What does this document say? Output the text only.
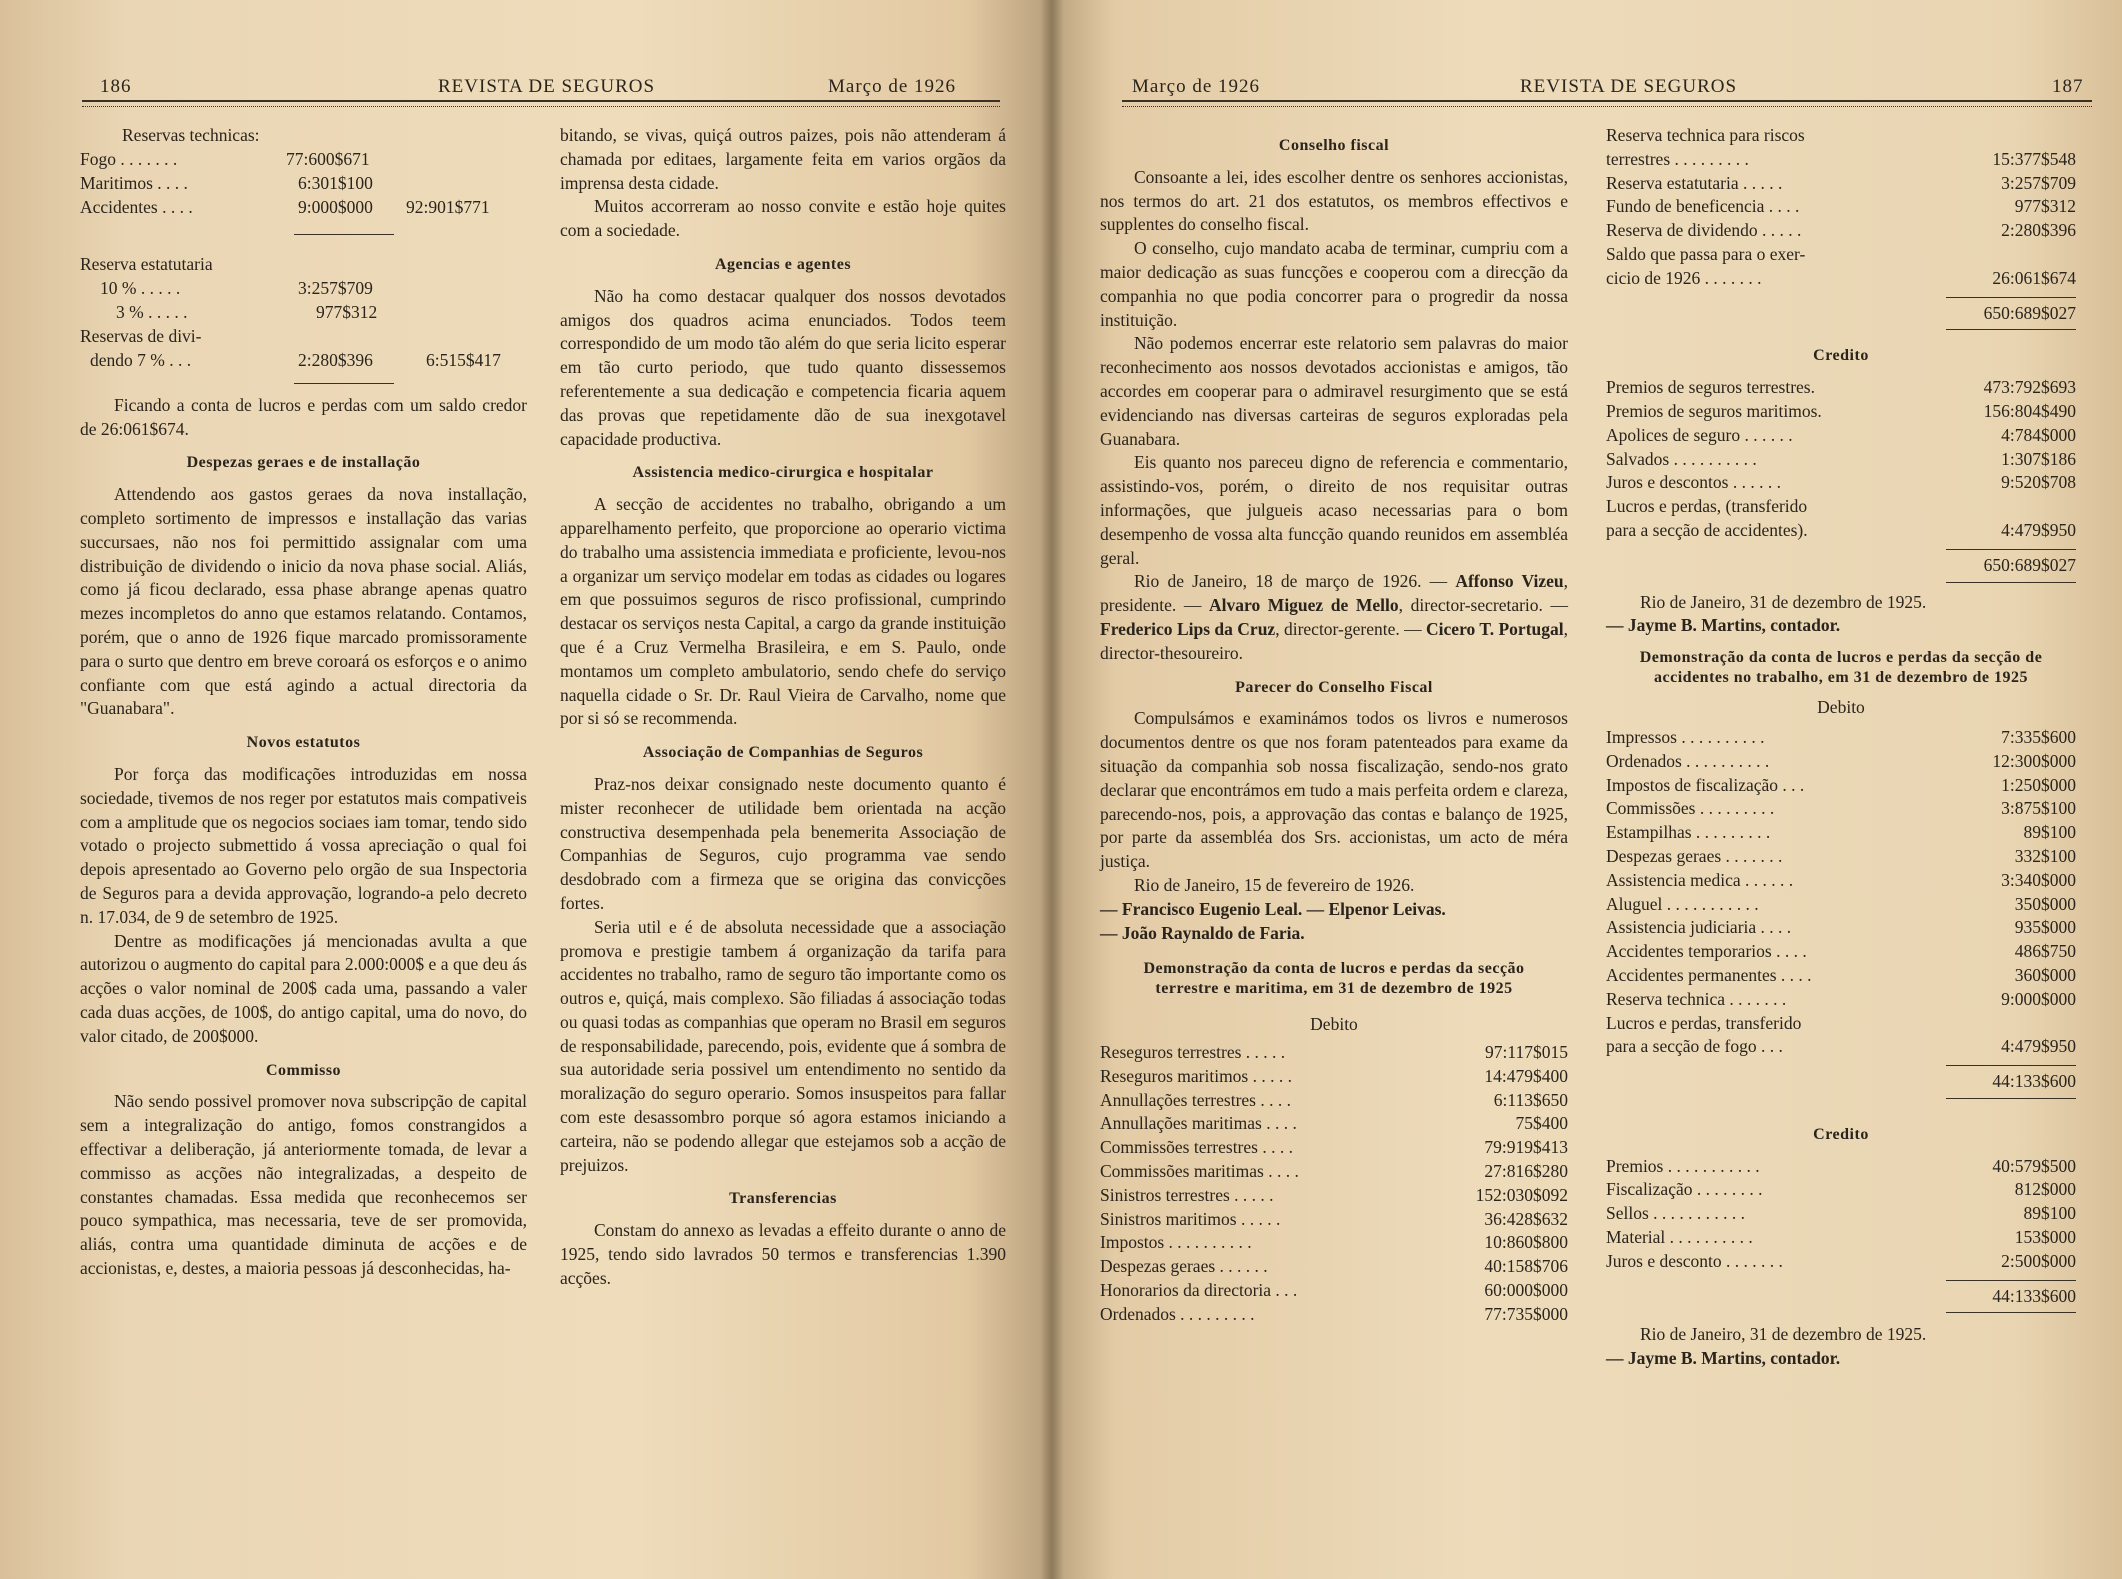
186	REVISTA DE SEGUROS	Março de 1926
Reservas technicas:
Fogo . . . . . . .	77:600$671
Maritimos . . . .	6:301$100
Accidentes . . . .	9:000$000 92:901$771
Reserva estatutaria
10 % . . . . .	3:257$709
3 % . . . . .	977$312
Reservas de divi-
dendo 7 % . . .	2:280$396	6:515$417

Ficando a conta de lucros e perdas com um saldo credor de 26:061$674.

Despezas geraes e de installação

Attendendo aos gastos geraes da nova installação, completo sortimento de impressos e installação das varias succursaes, não nos foi permittido assignalar com uma distribuição de dividendo o inicio da nova phase social. Aliás, como já ficou declarado, essa phase abrange apenas quatro mezes incompletos do anno que estamos relatando. Contamos, porém, que o anno de 1926 fique marcado promissoramente para o surto que dentro em breve coroará os esforços e o animo confiante com que está agindo a actual directoria da "Guanabara".

Novos estatutos

Por força das modificações introduzidas em nossa sociedade, tivemos de nos reger por estatutos mais compativeis com a amplitude que os negocios sociaes iam tomar, tendo sido votado o projecto submettido á vossa apreciação o qual foi depois apresentado ao Governo pelo orgão de sua Inspectoria de Seguros para a devida approvação, logrando-a pelo decreto n. 17.034, de 9 de setembro de 1925.

Dentre as modificações já mencionadas avulta a que autorizou o augmento do capital para 2.000:000$ e a que deu ás acções o valor nominal de 200$ cada uma, passando a valer cada duas acções, de 100$, do antigo capital, uma do novo, do valor citado, de 200$000.

Commisso

Não sendo possivel promover nova subscripção de capital sem a integralização do antigo, fomos constrangidos a effectivar a deliberação, já anteriormente tomada, de levar a commisso as acções não integralizadas, a despeito de constantes chamadas. Essa medida que reconhecemos ser pouco sympathica, mas necessaria, teve de ser promovida, aliás, contra uma quantidade diminuta de acções e de accionistas, e, destes, a maioria pessoas já desconhecidas, ha-

bitando, se vivas, quiçá outros paizes, pois não attenderam á chamada por editaes, largamente feita em varios orgãos da imprensa desta cidade.

Muitos accorreram ao nosso convite e estão hoje quites com a sociedade.

Agencias e agentes

Não ha como destacar qualquer dos nossos devotados amigos dos quadros acima enunciados. Todos teem correspondido de um modo tão além do que seria licito esperar em tão curto periodo, que tudo quanto dissessemos referentemente a sua dedicação e competencia ficaria aquem das provas que repetidamente dão de sua inexgotavel capacidade productiva.

Assistencia medico-cirurgica e hospitalar

A secção de accidentes no trabalho, obrigando a um apparelhamento perfeito, que proporcione ao operario victima do trabalho uma assistencia immediata e proficiente, levou-nos a organizar um serviço modelar em todas as cidades ou logares em que possuimos seguros de risco profissional, cumprindo destacar os serviços nesta Capital, a cargo da grande instituição que é a Cruz Vermelha Brasileira, e em S. Paulo, onde montamos um completo ambulatorio, sendo chefe do serviço naquella cidade o Sr. Dr. Raul Vieira de Carvalho, nome que por si só se recommenda.

Associação de Companhias de Seguros

Praz-nos deixar consignado neste documento quanto é mister reconhecer de utilidade bem orientada na acção constructiva desempenhada pela benemerita Associação de Companhias de Seguros, cujo programma vae sendo desdobrado com a firmeza que se origina das convicções fortes.

Seria util e é de absoluta necessidade que a associação promova e prestigie tambem á organização da tarifa para accidentes no trabalho, ramo de seguro tão importante como os outros e, quiçá, mais complexo. São filiadas á associação todas ou quasi todas as companhias que operam no Brasil em seguros de responsabilidade, parecendo, pois, evidente que á sombra de sua autoridade seria possivel um entendimento no sentido da moralização do seguro operario. Somos insuspeitos para fallar com este desassombro porque só agora estamos iniciando a carteira, não se podendo allegar que estejamos sob a acção de prejuizos.

Transferencias

Constam do annexo as levadas a effeito durante o anno de 1925, tendo sido lavrados 50 termos e transferencias 1.390 acções.

Março de 1926	REVISTA DE SEGUROS	187
Conselho fiscal

Consoante a lei, ides escolher dentre os senhores accionistas, nos termos do art. 21 dos estatutos, os membros effectivos e supplentes do conselho fiscal.

O conselho, cujo mandato acaba de terminar, cumpriu com a maior dedicação as suas funcções e cooperou com a direcção da companhia no que podia concorrer para o progredir da nossa instituição.

Não podemos encerrar este relatorio sem palavras do maior reconhecimento aos nossos devotados accionistas e amigos, tão accordes em cooperar para o admiravel resurgimento que se está evidenciando nas diversas carteiras de seguros exploradas pela Guanabara.

Eis quanto nos pareceu digno de referencia e commentario, assistindo-vos, porém, o direito de nos requisitar outras informações, que julgueis acaso necessarias para o bom desempenho de vossa alta funcção quando reunidos em assembléa geral.

Rio de Janeiro, 18 de março de 1926. — Affonso Vizeu, presidente. — Alvaro Miguez de Mello, director-secretario. — Frederico Lips da Cruz, director-gerente. — Cicero T. Portugal, director-thesoureiro.

Parecer do Conselho Fiscal

Compulsámos e examinámos todos os livros e numerosos documentos dentre os que nos foram patenteados para exame da situação da companhia sob nossa fiscalização, sendo-nos grato declarar que encontrámos em tudo a mais perfeita ordem e clareza, parecendo-nos, pois, a approvação das contas e balanço de 1925, por parte da assembléa dos Srs. accionistas, um acto de méra justiça.

Rio de Janeiro, 15 de fevereiro de 1926.

— Francisco Eugenio Leal. — Elpenor Leivas.
— João Raynaldo de Faria.

Demonstração da conta de lucros e perdas da secção terrestre e maritima, em 31 de dezembro de 1925
Debito
Reseguros terrestres . . . . .	97:117$015
Reseguros maritimos . . . . .	14:479$400
Annullações terrestres . . . .	6:113$650
Annullações maritimas . . . .	75$400
Commissões terrestres . . . .	79:919$413
Commissões maritimas . . . .	27:816$280
Sinistros terrestres . . . . .	152:030$092
Sinistros maritimos . . . . .	36:428$632
Impostos . . . . . . . . . .	10:860$800
Despezas geraes . . . . . .	40:158$706
Honorarios da directoria . . .	60:000$000
Ordenados . . . . . . . . .	77:735$000
Reserva technica para riscos
terrestres . . . . . . . . .	15:377$548
Reserva estatutaria . . . . .	3:257$709
Fundo de beneficencia . . . .	977$312
Reserva de dividendo . . . . .	2:280$396
Saldo que passa para o exer-
cicio de 1926 . . . . . . .	26:061$674
650:689$027
Credito
Premios de seguros terrestres.	473:792$693
Premios de seguros maritimos.	156:804$490
Apolices de seguro . . . . . .	4:784$000
Salvados . . . . . . . . . .	1:307$186
Juros e descontos . . . . . .	9:520$708
Lucros e perdas, (transferido
para a secção de accidentes).	4:479$950
650:689$027

Rio de Janeiro, 31 de dezembro de 1925.

— Jayme B. Martins, contador.

Demonstração da conta de lucros e perdas da secção de accidentes no trabalho, em 31 de dezembro de 1925
Debito
Impressos . . . . . . . . . .	7:335$600
Ordenados . . . . . . . . . .	12:300$000
Impostos de fiscalização . . .	1:250$000
Commissões . . . . . . . . .	3:875$100
Estampilhas . . . . . . . . .	89$100
Despezas geraes . . . . . . .	332$100
Assistencia medica . . . . . .	3:340$000
Aluguel . . . . . . . . . . .	350$000
Assistencia judiciaria . . . .	935$000
Accidentes temporarios . . . .	486$750
Accidentes permanentes . . . .	360$000
Reserva technica . . . . . . .	9:000$000
Lucros e perdas, transferido
para a secção de fogo . . .	4:479$950
44:133$600
Credito
Premios . . . . . . . . . . .	40:579$500
Fiscalização . . . . . . . .	812$000
Sellos . . . . . . . . . . .	89$100
Material . . . . . . . . . .	153$000
Juros e desconto . . . . . . .	2:500$000
44:133$600

Rio de Janeiro, 31 de dezembro de 1925.

— Jayme B. Martins, contador.
